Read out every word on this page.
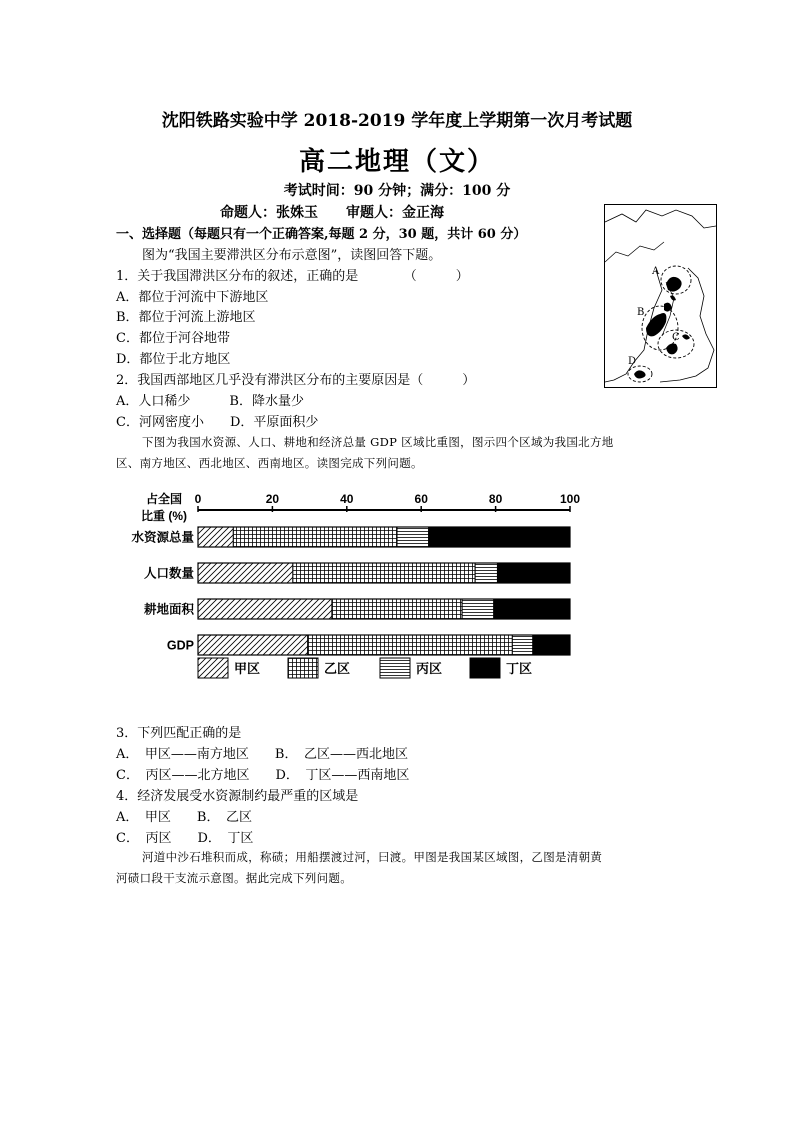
沈阳铁路实验中学 2018-2019 学年度上学期第一次月考试题
高二地理（文）
考试时间：90 分钟；满分：100 分
命题人：张姝玉 审题人：金正海
一、选择题（每题只有一个正确答案,每题 2 分，30 题，共计 60 分）
图为“我国主要滞洪区分布示意图”，读图回答下题。
1．关于我国滞洪区分布的叙述，正确的是　　　　（　　　）
A．都位于河流中下游地区
B．都位于河流上游地区
C．都位于河谷地带
D．都位于北方地区
2．我国西部地区几乎没有滞洪区分布的主要原因是（　　　）
A．人口稀少　　　B．降水量少
C．河网密度小　　D．平原面积少
下图为我国水资源、人口、耕地和经济总量 GDP 区域比重图，图示四个区域为我国北方地
区、南方地区、西北地区、西南地区。读图完成下列问题。
A
B
C
D
占全国
比重 (%)
0	20	40	60	80	100
水资源总量
人口数量
耕地面积
GDP
甲区	乙区	丙区	丁区
3．下列匹配正确的是
A．　甲区——南方地区　　B．　乙区——西北地区
C．　丙区——北方地区　　D．　丁区——西南地区
4．经济发展受水资源制约最严重的区域是
A．　甲区　　B．　乙区
C．　丙区　　D．　丁区
河道中沙石堆积而成，称碛；用船摆渡过河，曰渡。甲图是我国某区域图，乙图是清朝黄
河碛口段干支流示意图。据此完成下列问题。
